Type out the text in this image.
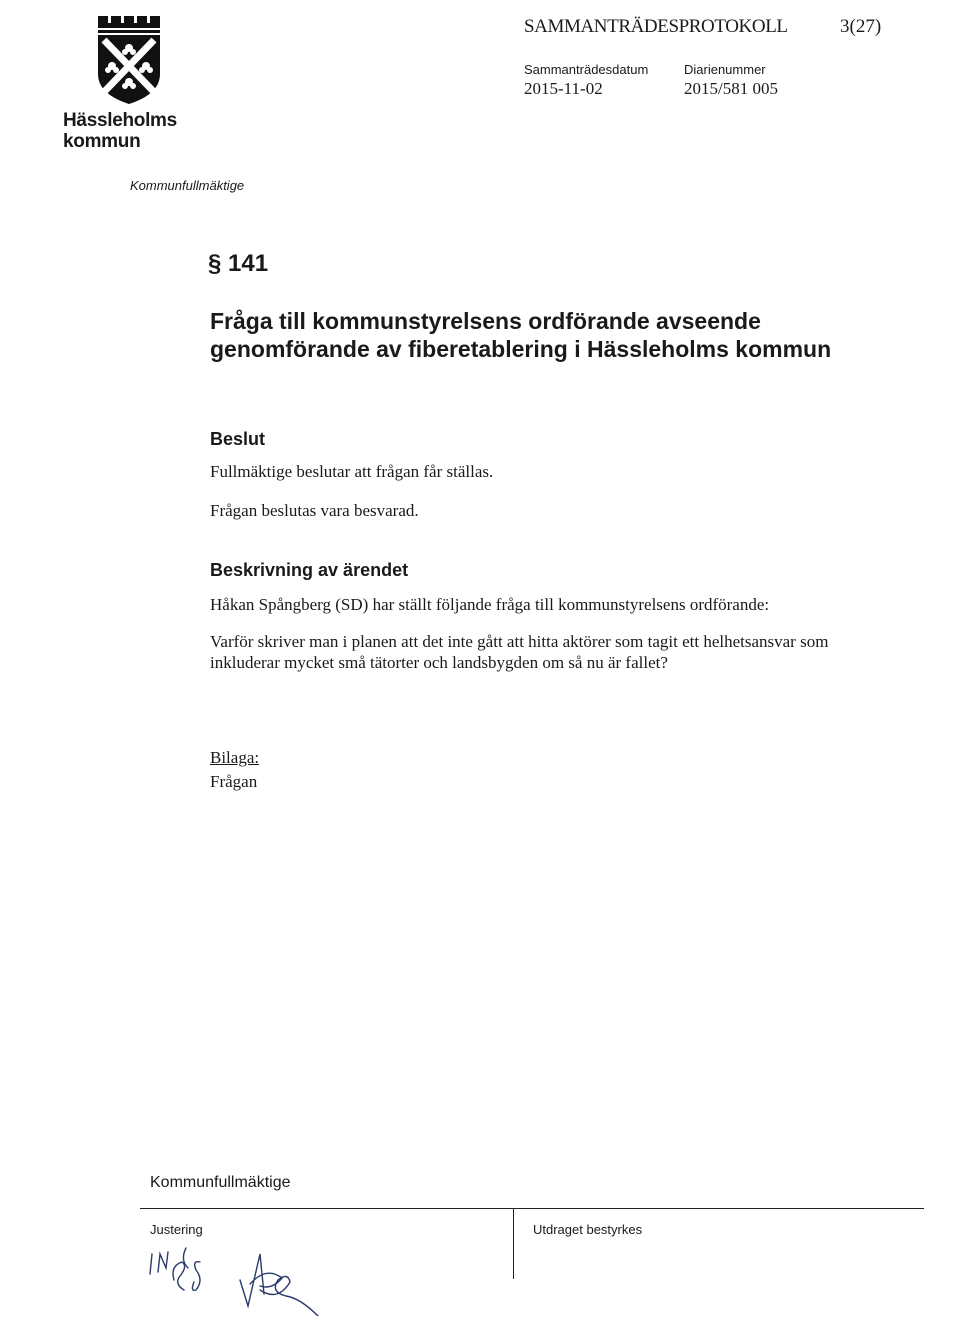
Hässleholms
kommun
SAMMANTRÄDESPROTOKOLL	3(27)
Sammanträdesdatum
2015-11-02
Diarienummer
2015/581 005
Kommunfullmäktige
§ 141
Fråga till kommunstyrelsens ordförande avseende genomförande av fiberetablering i Hässleholms kommun
Beslut
Fullmäktige beslutar att frågan får ställas.
Frågan beslutas vara besvarad.
Beskrivning av ärendet
Håkan Spångberg (SD) har ställt följande fråga till kommunstyrelsens ordförande:
Varför skriver man i planen att det inte gått att hitta aktörer som tagit ett helhetsansvar som inkluderar mycket små tätorter och landsbygden om så nu är fallet?
Bilaga:
Frågan
Kommunfullmäktige
Justering	Utdraget bestyrkes
